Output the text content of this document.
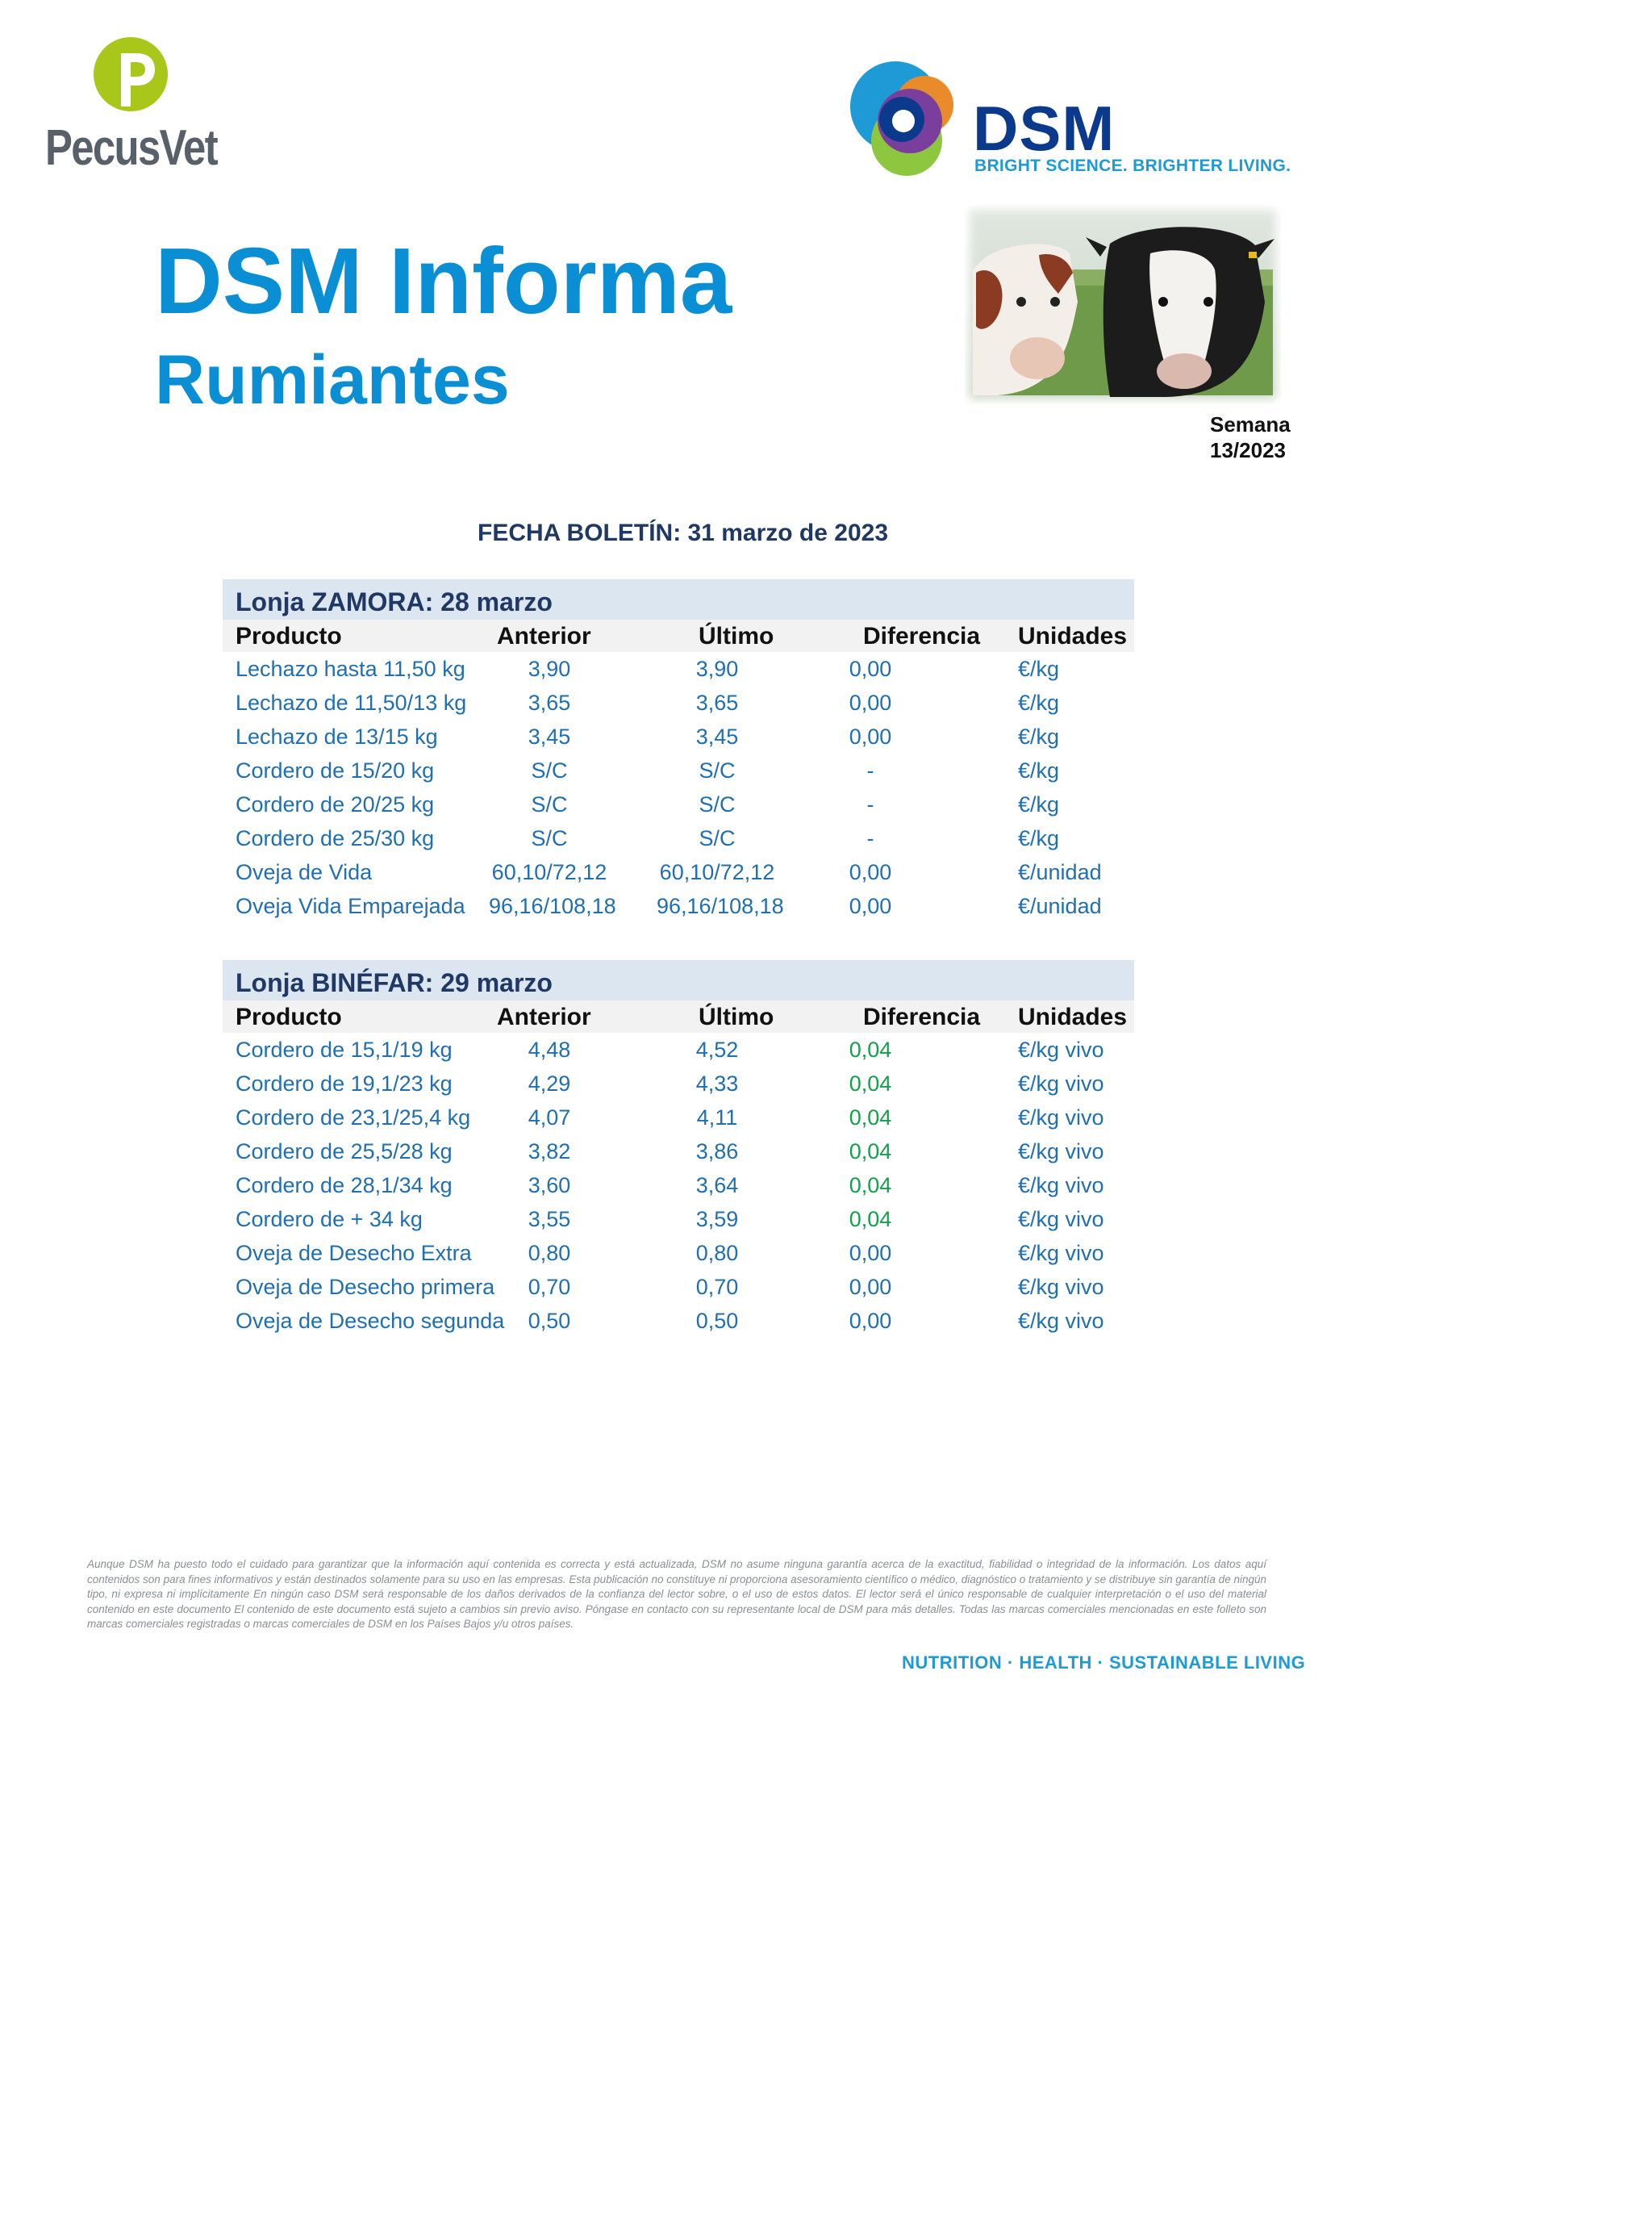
PecusVet	DSM
BRIGHT SCIENCE. BRIGHTER LIVING.
DSM Informa
Rumiantes
Semana
13/2023
FECHA BOLETÍN: 31 marzo de 2023
Lonja ZAMORA: 28 marzo
Producto	Anterior	Último	Diferencia Unidades
Lechazo hasta 11,50 kg	3,90	3,90	0,00	€/kg
Lechazo de 11,50/13 kg	3,65	3,65	0,00	€/kg
Lechazo de 13/15 kg	3,45	3,45	0,00	€/kg
Cordero de 15/20 kg	S/C	S/C	-	€/kg
Cordero de 20/25 kg	S/C	S/C	-	€/kg
Cordero de 25/30 kg	S/C	S/C	-	€/kg
Oveja de Vida	60,10/72,12 60,10/72,12	0,00	€/unidad
Oveja Vida Emparejada 96,16/108,18 96,16/108,18	0,00	€/unidad
Lonja BINÉFAR: 29 marzo
Producto	Anterior	Último	Diferencia Unidades
Cordero de 15,1/19 kg	4,48	4,52	0,04	€/kg vivo
Cordero de 19,1/23 kg	4,29	4,33	0,04	€/kg vivo
Cordero de 23,1/25,4 kg	4,07	4,11	0,04	€/kg vivo
Cordero de 25,5/28 kg	3,82	3,86	0,04	€/kg vivo
Cordero de 28,1/34 kg	3,60	3,64	0,04	€/kg vivo
Cordero de + 34 kg	3,55	3,59	0,04	€/kg vivo
Oveja de Desecho Extra	0,80	0,80	0,00	€/kg vivo
Oveja de Desecho primera	0,70	0,70	0,00	€/kg vivo
Oveja de Desecho segunda	0,50	0,50	0,00	€/kg vivo
Aunque DSM ha puesto todo el cuidado para garantizar que la información aquí contenida es correcta y está actualizada, DSM no asume ninguna garantía acerca de la exactitud, fiabilidad o integridad de la información. Los datos aquí contenidos son para fines informativos y están destinados solamente para su uso en las empresas. Esta publicación no constituye ni proporciona asesoramiento científico o médico, diagnóstico o tratamiento y se distribuye sin garantía de ningún tipo, ni expresa ni implícitamente En ningún caso DSM será responsable de los daños derivados de la confianza del lector sobre, o el uso de estos datos. El lector será el único responsable de cualquier interpretación o el uso del material contenido en este documento El contenido de este documento está sujeto a cambios sin previo aviso. Póngase en contacto con su representante local de DSM para más detalles. Todas las marcas comerciales mencionadas en este folleto son marcas comerciales registradas o marcas comerciales de DSM en los Países Bajos y/u otros países.
NUTRITION · HEALTH · SUSTAINABLE LIVING
